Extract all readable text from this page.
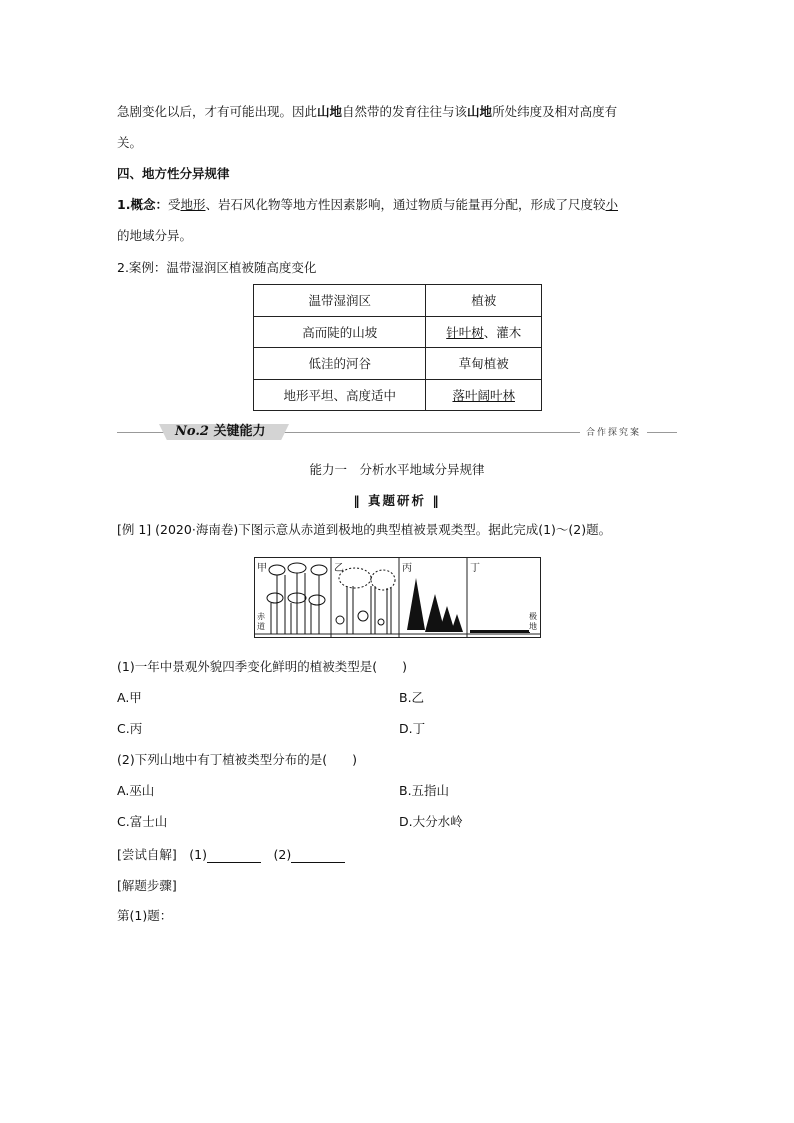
急剧变化以后，才有可能出现。因此山地自然带的发育往往与该山地所处纬度及相对高度有
关。
四、地方性分异规律
1.概念：受地形、岩石风化物等地方性因素影响，通过物质与能量再分配，形成了尺度较小
的地域分异。
2.案例：温带湿润区植被随高度变化
温带湿润区	植被
高而陡的山坡	针叶树、灌木
低洼的河谷	草甸植被
地形平坦、高度适中	落叶阔叶林
No.2 关键能力	合作探究案
能力一　分析水平地域分异规律
‖ 真题研析 ‖
[例 1] (2020·海南卷)下图示意从赤道到极地的典型植被景观类型。据此完成(1)～(2)题。
甲	乙	丙	丁
赤道
极地
(1)一年中景观外貌四季变化鲜明的植被类型是(　　)
A.甲	B.乙
C.丙	D.丁
(2)下列山地中有丁植被类型分布的是(　　)
A.巫山	B.五指山
C.富士山	D.大分水岭
[尝试自解]　 (1)　	(2)
[解题步骤]
第(1)题：
